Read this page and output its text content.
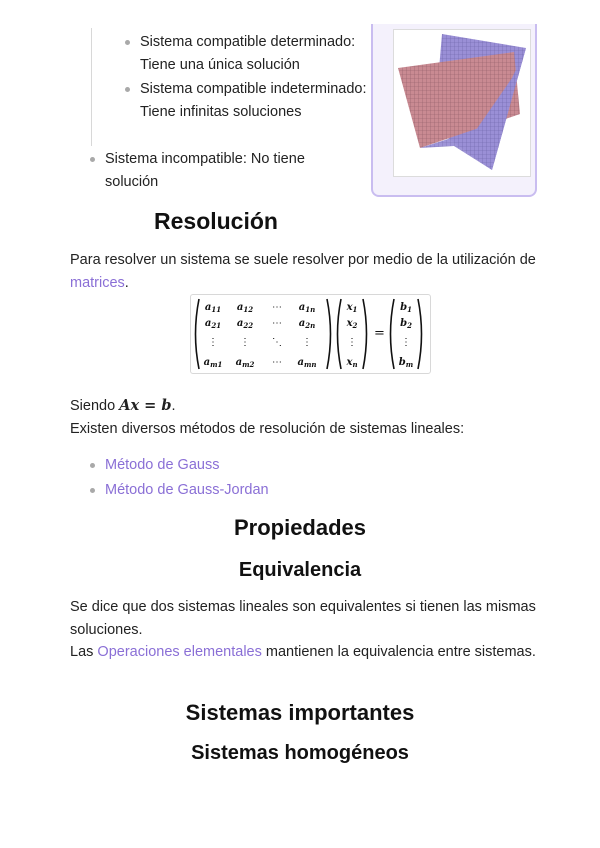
Sistema compatible determinado: Tiene una única solución
Sistema compatible indeterminado: Tiene infinitas soluciones
Sistema incompatible: No tiene solución
Resolución

Para resolver un sistema se suele resolver por medio de la utilización de matrices.

$a_{11}$ $a_{12}$ ⋯ $a_{1n}$
$a_{21}$ $a_{22}$ ⋯ $a_{2n}$
⋮ ⋮ ⋱ ⋮
$a_{m1}$ $a_{m2}$ ⋯ $a_{mn}$
$x_1$
$x_2$
⋮
$x_n$
=
$b_1$
$b_2$
⋮
$b_m$

Siendo Ax = b.
Existen diversos métodos de resolución de sistemas lineales:

Método de Gauss
Método de Gauss-Jordan
Propiedades
Equivalencia

Se dice que dos sistemas lineales son equivalentes si tienen las mismas soluciones.
Las Operaciones elementales mantienen la equivalencia entre sistemas.

Sistemas importantes
Sistemas homogéneos
